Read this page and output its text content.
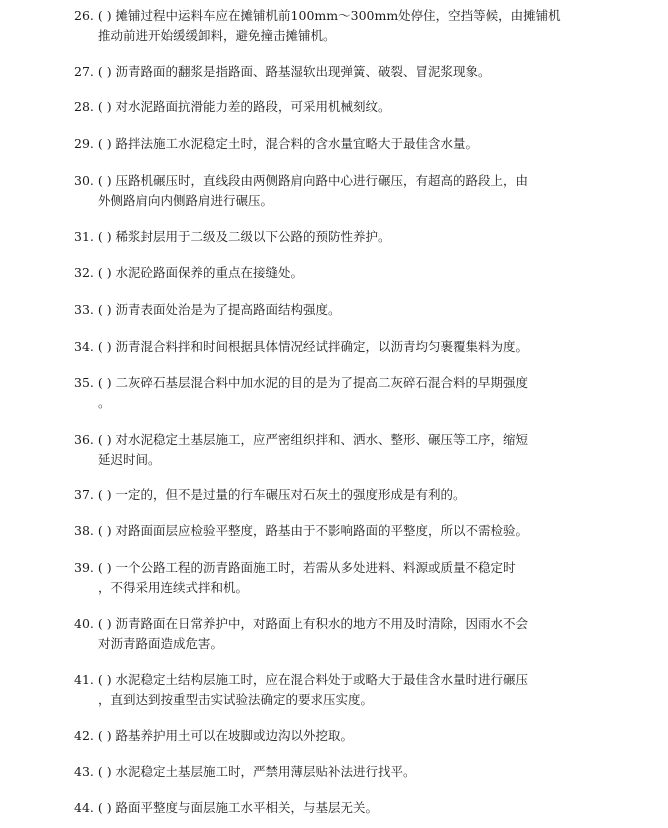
26. ( ) 摊铺过程中运料车应在摊铺机前100mm～300mm处停住，空挡等候，由摊铺机
推动前进开始缓缓卸料，避免撞击摊铺机。
27. ( ) 沥青路面的翻浆是指路面、路基湿软出现弹簧、破裂、冒泥浆现象。
28. ( ) 对水泥路面抗滑能力差的路段，可采用机械刻纹。
29. ( ) 路拌法施工水泥稳定土时，混合料的含水量宜略大于最佳含水量。
30. ( ) 压路机碾压时，直线段由两侧路肩向路中心进行碾压，有超高的路段上，由
外侧路肩向内侧路肩进行碾压。
31. ( ) 稀浆封层用于二级及二级以下公路的预防性养护。
32. ( ) 水泥砼路面保养的重点在接缝处。
33. ( ) 沥青表面处治是为了提高路面结构强度。
34. ( ) 沥青混合料拌和时间根据具体情况经试拌确定，以沥青均匀裹覆集料为度。
35. ( ) 二灰碎石基层混合料中加水泥的目的是为了提高二灰碎石混合料的早期强度
。
36. ( ) 对水泥稳定土基层施工，应严密组织拌和、洒水、整形、碾压等工序，缩短
延迟时间。
37. ( ) 一定的，但不是过量的行车碾压对石灰土的强度形成是有利的。
38. ( ) 对路面面层应检验平整度，路基由于不影响路面的平整度，所以不需检验。
39. ( ) 一个公路工程的沥青路面施工时，若需从多处进料、料源或质量不稳定时
，不得采用连续式拌和机。
40. ( ) 沥青路面在日常养护中，对路面上有积水的地方不用及时清除，因雨水不会
对沥青路面造成危害。
41. ( ) 水泥稳定土结构层施工时，应在混合料处于或略大于最佳含水量时进行碾压
，直到达到按重型击实试验法确定的要求压实度。
42. ( ) 路基养护用土可以在坡脚或边沟以外挖取。
43. ( ) 水泥稳定土基层施工时，严禁用薄层贴补法进行找平。
44. ( ) 路面平整度与面层施工水平相关，与基层无关。
